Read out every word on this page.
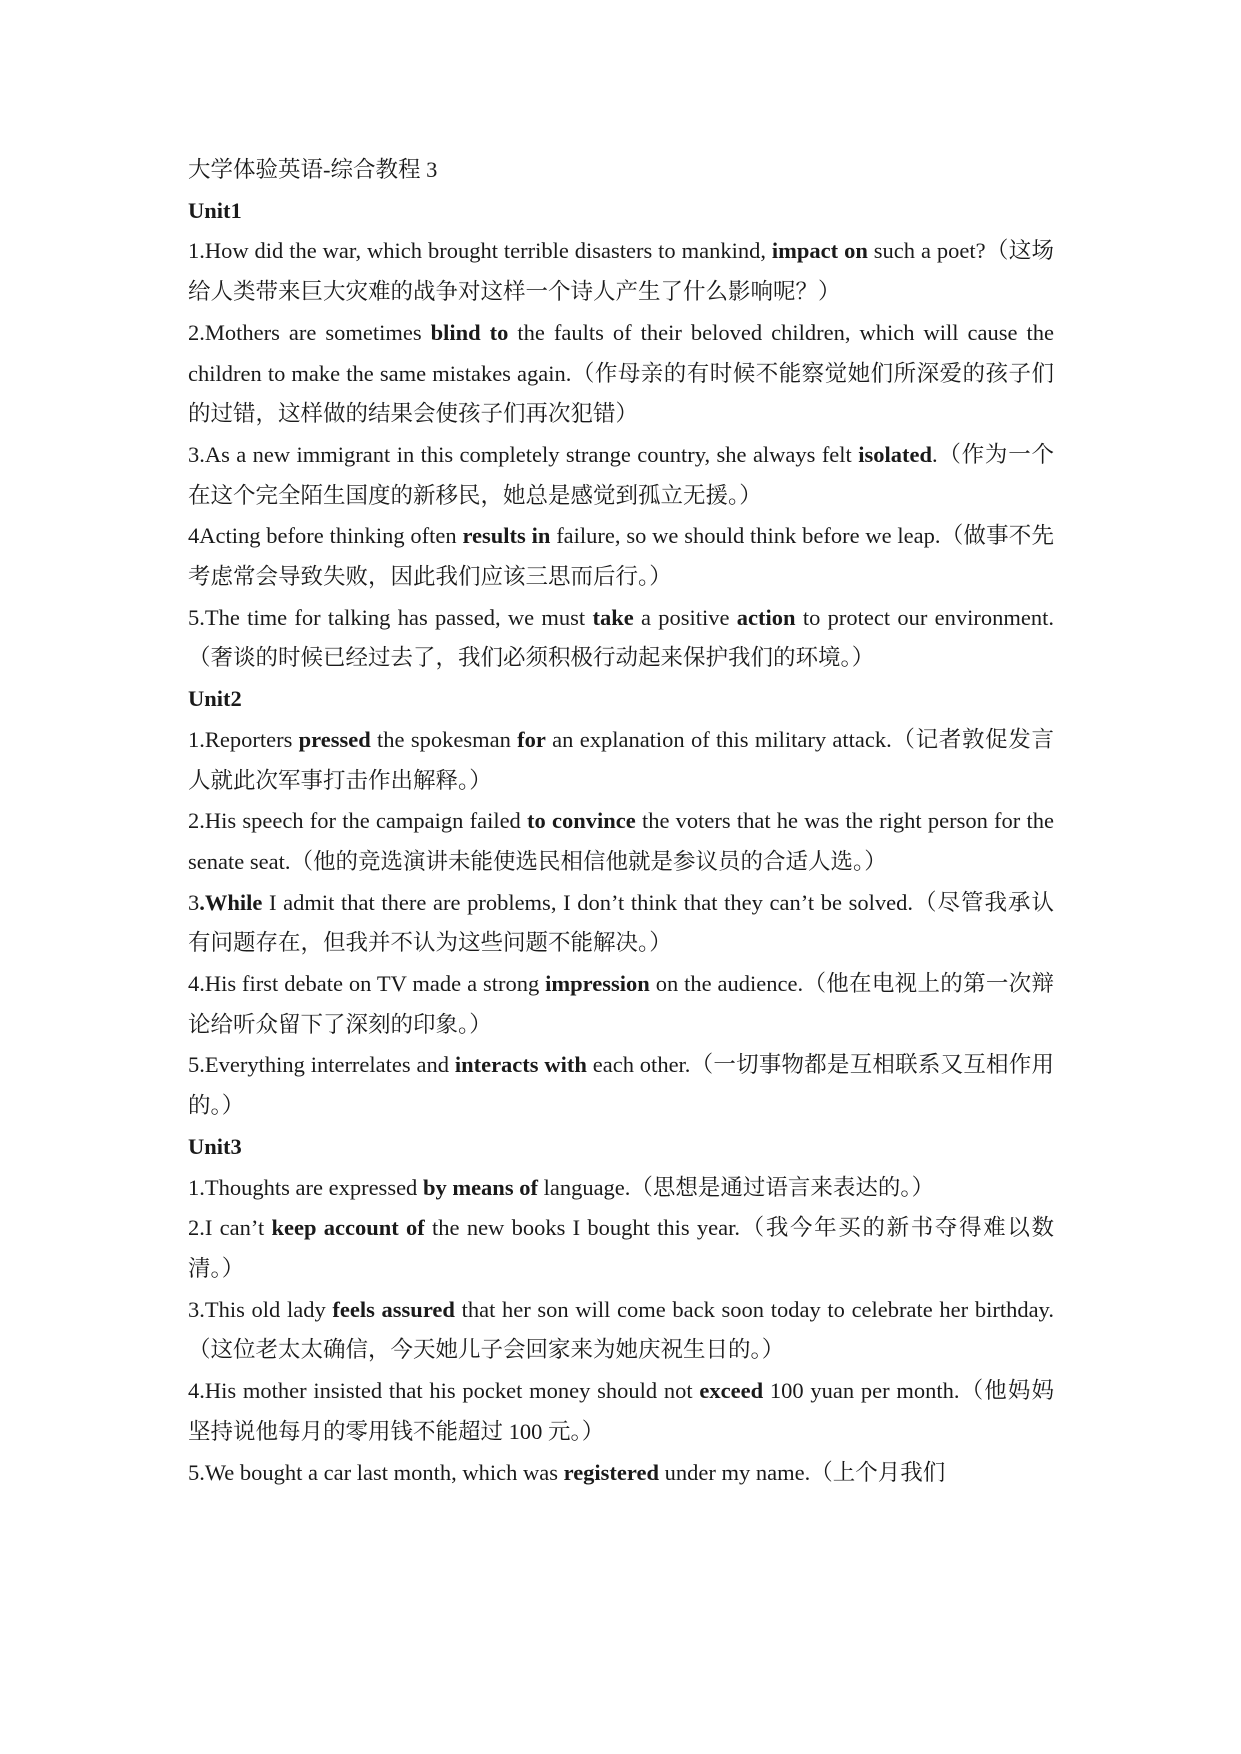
大学体验英语-综合教程 3

Unit1

1.How did the war, which brought terrible disasters to mankind, impact on such a poet?（这场给人类带来巨大灾难的战争对这样一个诗人产生了什么影响呢？）

2.Mothers are sometimes blind to the faults of their beloved children, which will cause the children to make the same mistakes again.（作母亲的有时候不能察觉她们所深爱的孩子们的过错，这样做的结果会使孩子们再次犯错）

3.As a new immigrant in this completely strange country, she always felt isolated.（作为一个在这个完全陌生国度的新移民，她总是感觉到孤立无援。）

4Acting before thinking often results in failure, so we should think before we leap.（做事不先考虑常会导致失败，因此我们应该三思而后行。）

5.The time for talking has passed, we must take a positive action to protect our environment.（奢谈的时候已经过去了，我们必须积极行动起来保护我们的环境。）

Unit2

1.Reporters pressed the spokesman for an explanation of this military attack.（记者敦促发言人就此次军事打击作出解释。）

2.His speech for the campaign failed to convince the voters that he was the right person for the senate seat.（他的竞选演讲未能使选民相信他就是参议员的合适人选。）

3.While I admit that there are problems, I don’t think that they can’t be solved.（尽管我承认有问题存在，但我并不认为这些问题不能解决。）

4.His first debate on TV made a strong impression on the audience.（他在电视上的第一次辩论给听众留下了深刻的印象。）

5.Everything interrelates and interacts with each other.（一切事物都是互相联系又互相作用的。）

Unit3

1.Thoughts are expressed by means of language.（思想是通过语言来表达的。）

2.I can’t keep account of the new books I bought this year.（我今年买的新书夺得难以数清。）

3.This old lady feels assured that her son will come back soon today to celebrate her birthday.（这位老太太确信，今天她儿子会回家来为她庆祝生日的。）

4.His mother insisted that his pocket money should not exceed 100 yuan per month.（他妈妈坚持说他每月的零用钱不能超过 100 元。）

5.We bought a car last month, which was registered under my name.（上个月我们
